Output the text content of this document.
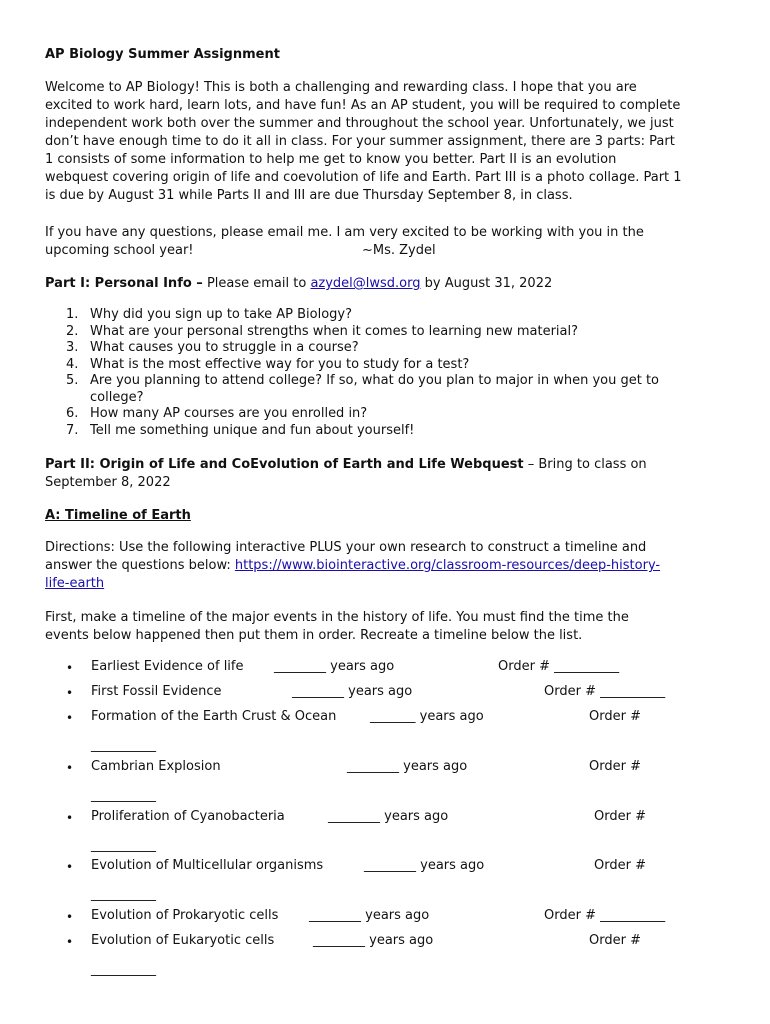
AP Biology Summer Assignment
Welcome to AP Biology! This is both a challenging and rewarding class. I hope that you are
excited to work hard, learn lots, and have fun! As an AP student, you will be required to complete
independent work both over the summer and throughout the school year. Unfortunately, we just
don’t have enough time to do it all in class. For your summer assignment, there are 3 parts: Part
1 consists of some information to help me get to know you better. Part II is an evolution
webquest covering origin of life and coevolution of life and Earth. Part III is a photo collage. Part 1
is due by August 31 while Parts II and III are due Thursday September 8, in class.
If you have any questions, please email me. I am very excited to be working with you in the
upcoming school year!	~Ms. Zydel
Part I: Personal Info – Please email to azydel@lwsd.org by August 31, 2022
1. Why did you sign up to take AP Biology?
2. What are your personal strengths when it comes to learning new material?
3. What causes you to struggle in a course?
4. What is the most effective way for you to study for a test?
5. Are you planning to attend college? If so, what do you plan to major in when you get to
college?
6. How many AP courses are you enrolled in?
7. Tell me something unique and fun about yourself!
Part II: Origin of Life and CoEvolution of Earth and Life Webquest – Bring to class on
September 8, 2022
A: Timeline of Earth
Directions: Use the following interactive PLUS your own research to construct a timeline and
answer the questions below: https://www.biointeractive.org/classroom-resources/deep-history-
life-earth
First, make a timeline of the major events in the history of life. You must find the time the
events below happened then put them in order. Recreate a timeline below the list.
• Earliest Evidence of life ________ years ago	Order # __________
• First Fossil Evidence	________ years ago	Order # __________
• Formation of the Earth Crust & Ocean	_______ years ago	Order #
__________
• Cambrian Explosion	________ years ago	Order #
__________
• Proliferation of Cyanobacteria	________ years ago	Order #
__________
• Evolution of Multicellular organisms	________ years ago	Order #
__________
• Evolution of Prokaryotic cells ________ years ago	Order # __________
• Evolution of Eukaryotic cells	________ years ago	Order #
__________
